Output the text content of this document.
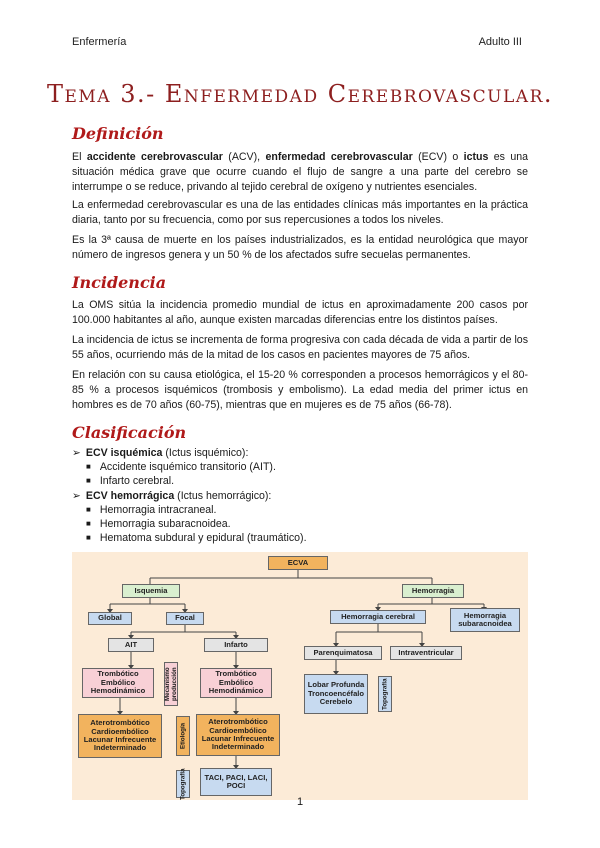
Enfermería	Adulto III
Tema 3.- Enfermedad Cerebrovascular.
Definición
El accidente cerebrovascular (ACV), enfermedad cerebrovascular (ECV) o ictus es una situación médica grave que ocurre cuando el flujo de sangre a una parte del cerebro se interrumpe o se reduce, privando al tejido cerebral de oxígeno y nutrientes esenciales.
La enfermedad cerebrovascular es una de las entidades clínicas más importantes en la práctica diaria, tanto por su frecuencia, como por sus repercusiones a todos los niveles.
Es la 3ª causa de muerte en los países industrializados, es la entidad neurológica que mayor número de ingresos genera y un 50 % de los afectados sufre secuelas permanentes.
Incidencia
La OMS sitúa la incidencia promedio mundial de ictus en aproximadamente 200 casos por 100.000 habitantes al año, aunque existen marcadas diferencias entre los distintos países.
La incidencia de ictus se incrementa de forma progresiva con cada década de vida a partir de los 55 años, ocurriendo más de la mitad de los casos en pacientes mayores de 75 años.
En relación con su causa etiológica, el 15-20 % corresponden a procesos hemorrágicos y el 80-85 % a procesos isquémicos (trombosis y embolismo). La edad media del primer ictus en hombres es de 70 años (60-75), mientras que en mujeres es de 75 años (66-78).
Clasificación
➢ ECV isquémica (Ictus isquémico):
■ Accidente isquémico transitorio (AIT).
■ Infarto cerebral.
➢ ECV hemorrágica (Ictus hemorrágico):
■ Hemorragia intracraneal.
■ Hemorragia subaracnoidea.
■ Hematoma subdural y epidural (traumático).
ECVA
Isquemia	Hemorragia
Global	Focal
AIT	Infarto
Trombótico Embólico Hemodinámico	Mecanismo producción	Trombótico Embólico Hemodinámico
Aterotrombótico Cardioembólico Lacunar Infrecuente Indeterminado	Etiología
Aterotrombótico Cardioembólico Lacunar Infrecuente Indeterminado
Topografía	TACI, PACI, LACI, POCI
Hemorragia cerebral	Hemorragia subaracnoidea
Parenquimatosa	Intraventricular
Lobar Profunda Troncoencéfalo Cerebelo	Topografía
1
